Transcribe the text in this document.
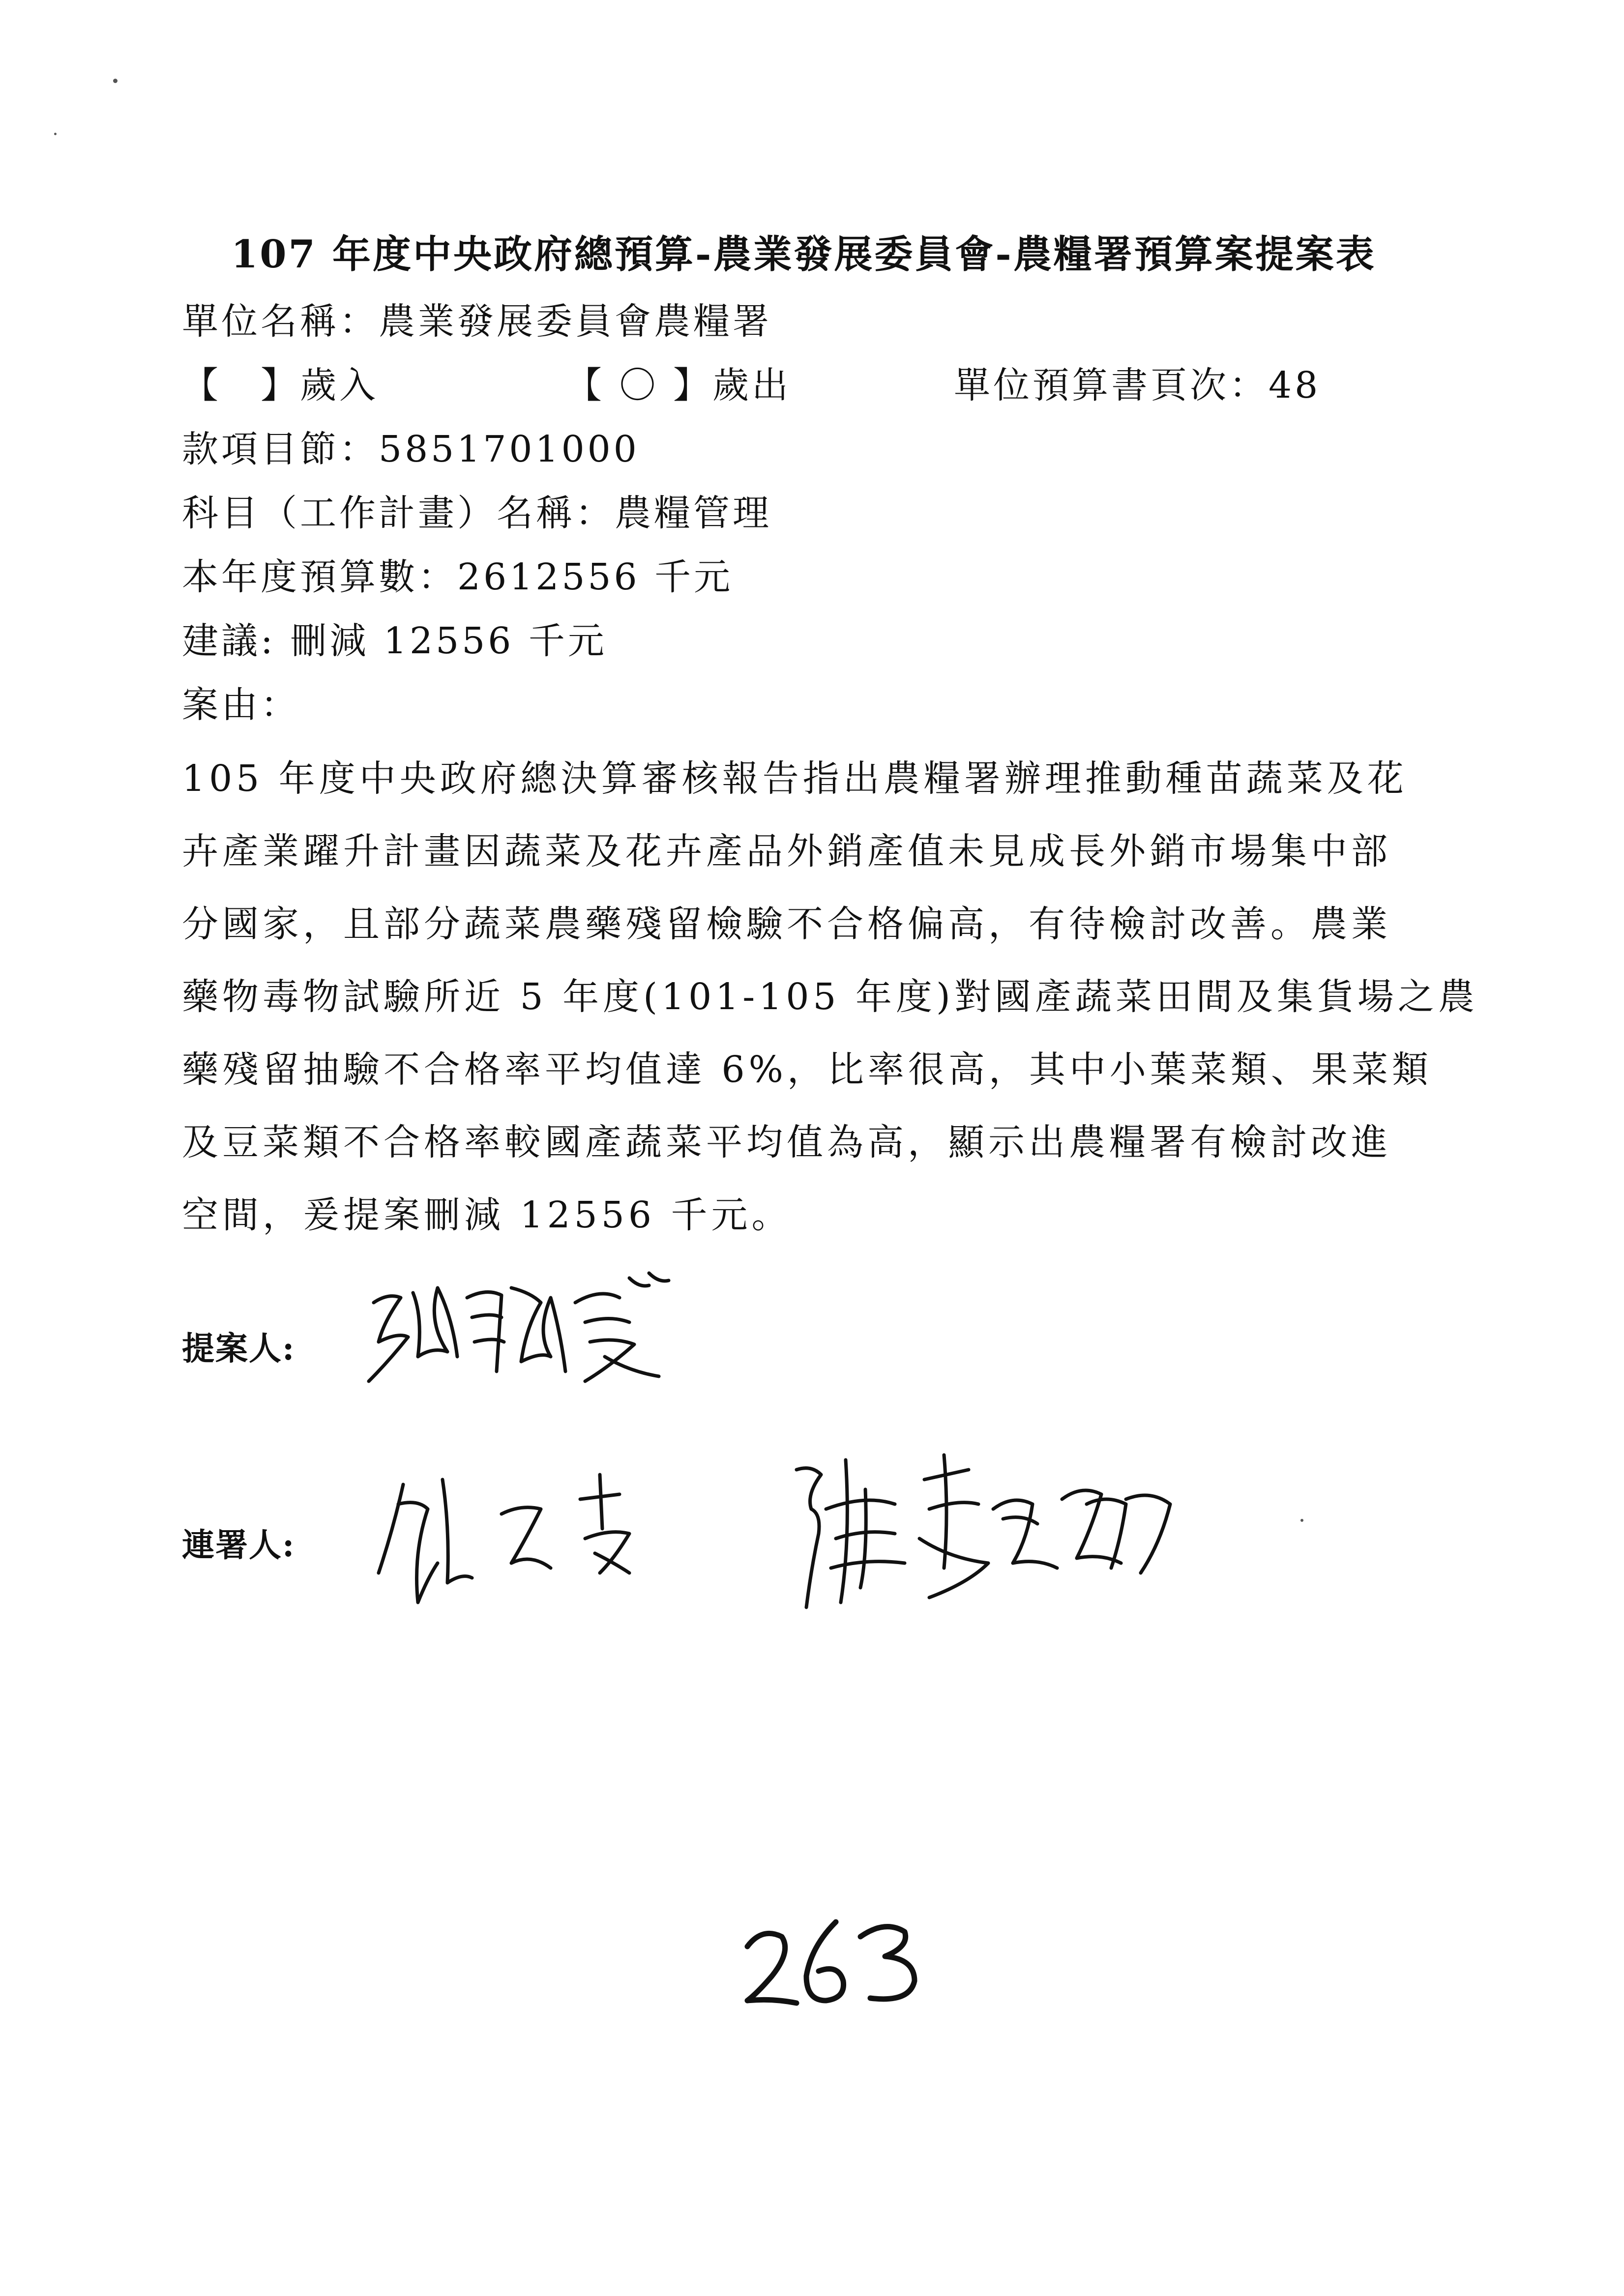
107 年度中央政府總預算-農業發展委員會-農糧署預算案提案表
單位名稱：農業發展委員會農糧署
【　】歲入	【 〇 】歲出	單位預算書頁次：48
款項目節：5851701000
科目（工作計畫）名稱：農糧管理
本年度預算數：2612556 千元
建議: 刪減 12556 千元
案由：
105 年度中央政府總決算審核報告指出農糧署辦理推動種苗蔬菜及花
卉產業躍升計畫因蔬菜及花卉產品外銷產值未見成長外銷市場集中部
分國家，且部分蔬菜農藥殘留檢驗不合格偏高，有待檢討改善。農業
藥物毒物試驗所近 5 年度(101-105 年度)對國產蔬菜田間及集貨場之農
藥殘留抽驗不合格率平均值達 6%，比率很高，其中小葉菜類、果菜類
及豆菜類不合格率較國產蔬菜平均值為高，顯示出農糧署有檢討改進
空間，爰提案刪減 12556 千元。
提案人:
連署人:
263
